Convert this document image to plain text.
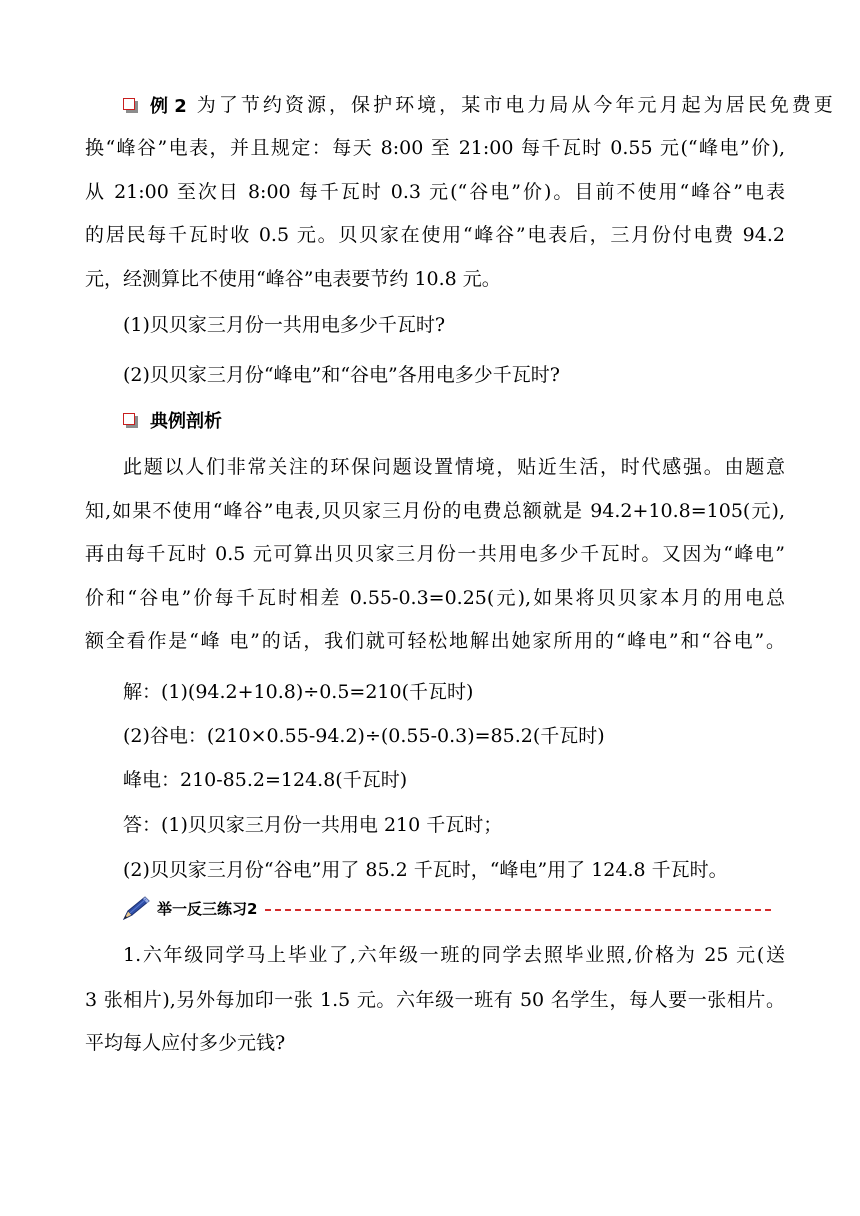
例 2 为了节约资源，保护环境，某市电力局从今年元月起为居民免费更
换“峰谷”电表，并且规定：每天 8:00 至 21:00 每千瓦时 0.55 元(“峰电”价),
从 21:00 至次日 8:00 每千瓦时 0.3 元(“谷电”价)。目前不使用“峰谷”电表
的居民每千瓦时收 0.5 元。贝贝家在使用“峰谷”电表后，三月份付电费 94.2
元，经测算比不使用“峰谷”电表要节约 10.8 元。
(1)贝贝家三月份一共用电多少千瓦时?
(2)贝贝家三月份“峰电”和“谷电”各用电多少千瓦时?
典例剖析
此题以人们非常关注的环保问题设置情境，贴近生活，时代感强。由题意
知,如果不使用“峰谷”电表,贝贝家三月份的电费总额就是 94.2+10.8=105(元),
再由每千瓦时 0.5 元可算出贝贝家三月份一共用电多少千瓦时。又因为“峰电”
价和“谷电”价每千瓦时相差 0.55-0.3=0.25(元),如果将贝贝家本月的用电总
额全看作是“峰 电”的话，我们就可轻松地解出她家所用的“峰电”和“谷电”。
解：(1)(94.2+10.8)÷0.5=210(千瓦时)
(2)谷电：(210×0.55-94.2)÷(0.55-0.3)=85.2(千瓦时)
峰电：210-85.2=124.8(千瓦时)
答：(1)贝贝家三月份一共用电 210 千瓦时；
(2)贝贝家三月份“谷电”用了 85.2 千瓦时，“峰电”用了 124.8 千瓦时。
举一反三练习2
1.六年级同学马上毕业了,六年级一班的同学去照毕业照,价格为 25 元(送
3 张相片),另外每加印一张 1.5 元。六年级一班有 50 名学生，每人要一张相片。
平均每人应付多少元钱?
